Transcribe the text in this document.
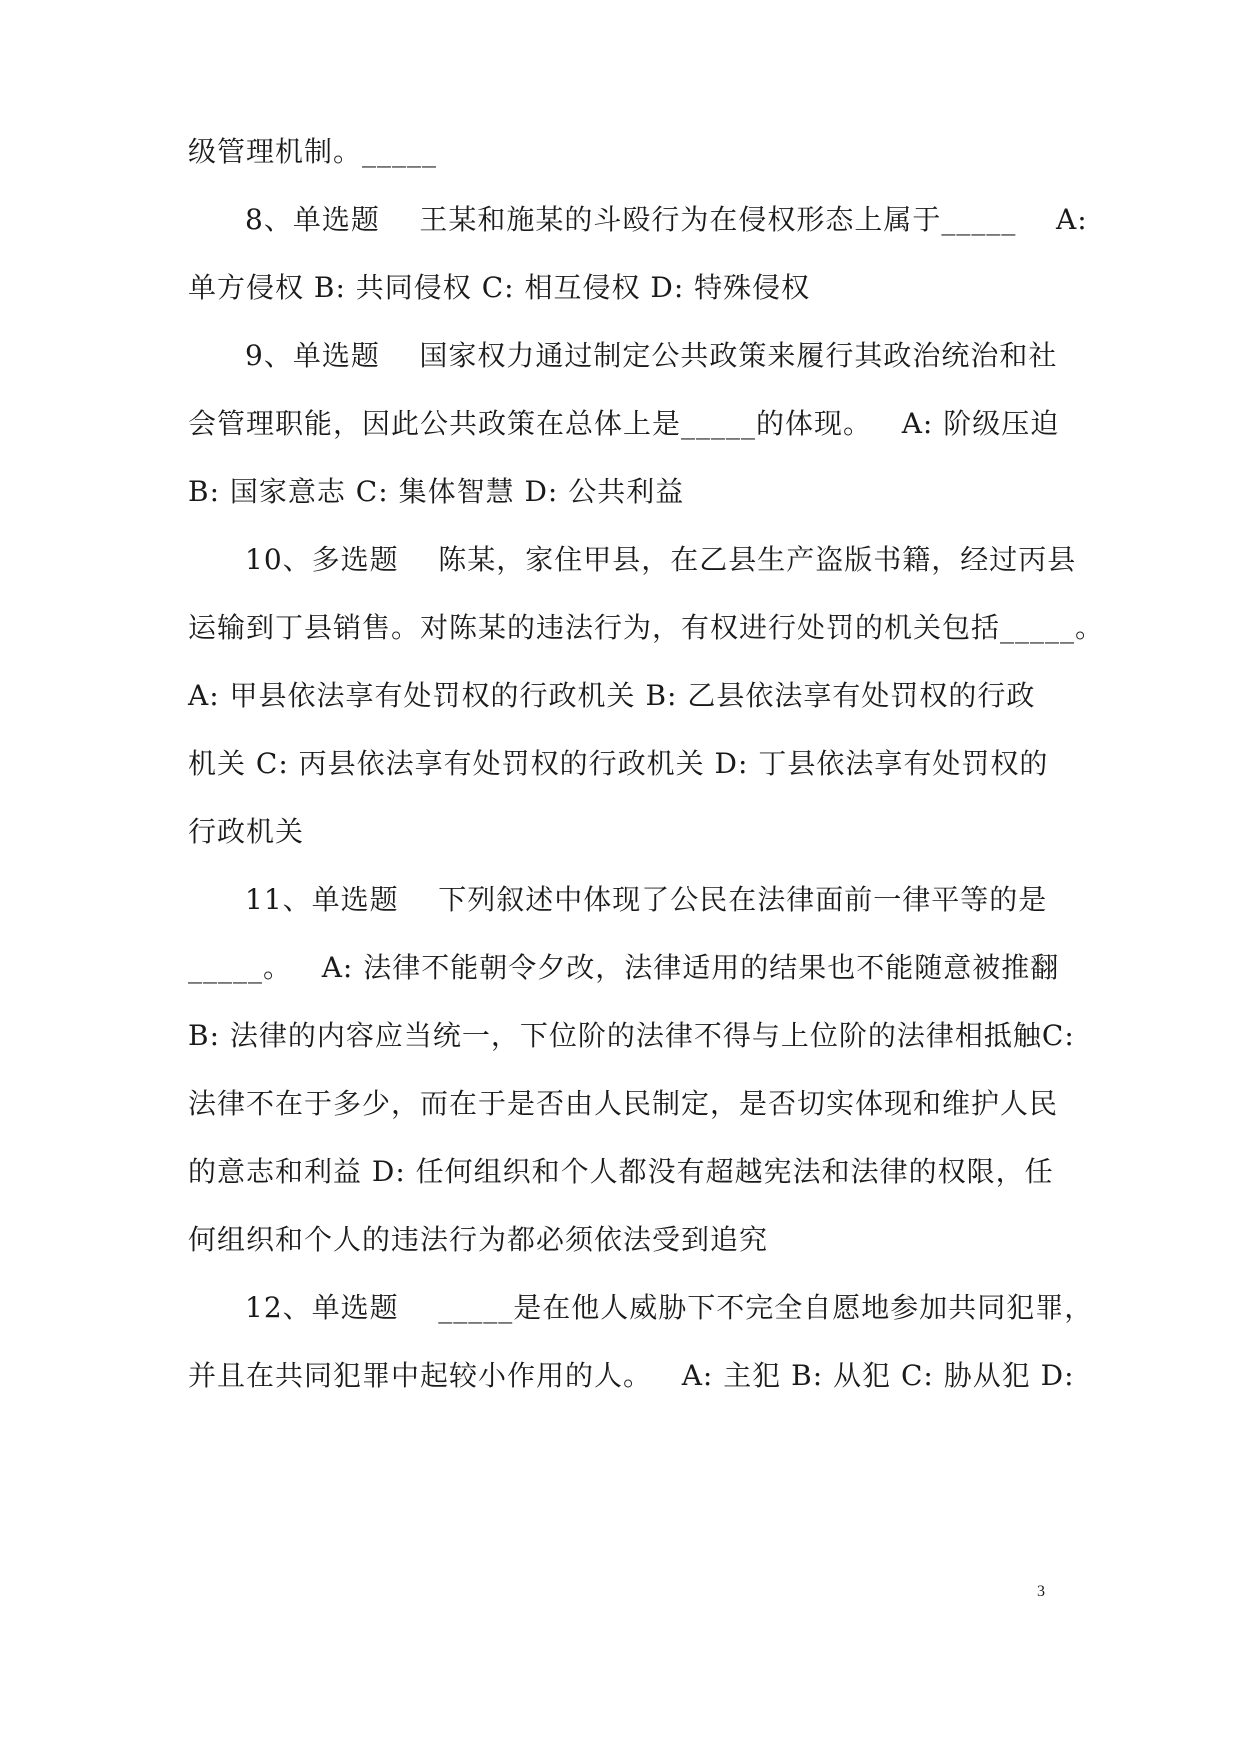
级管理机制。_____
8、单选题    王某和施某的斗殴行为在侵权形态上属于_____    A:
单方侵权 B: 共同侵权 C: 相互侵权 D: 特殊侵权
9、单选题    国家权力通过制定公共政策来履行其政治统治和社
会管理职能，因此公共政策在总体上是_____的体现。   A: 阶级压迫
B: 国家意志 C: 集体智慧 D: 公共利益
10、多选题    陈某，家住甲县，在乙县生产盗版书籍，经过丙县
运输到丁县销售。对陈某的违法行为，有权进行处罚的机关包括_____。
A: 甲县依法享有处罚权的行政机关 B: 乙县依法享有处罚权的行政
机关 C: 丙县依法享有处罚权的行政机关 D: 丁县依法享有处罚权的
行政机关
11、单选题    下列叙述中体现了公民在法律面前一律平等的是
_____。   A: 法律不能朝令夕改，法律适用的结果也不能随意被推翻
B: 法律的内容应当统一，下位阶的法律不得与上位阶的法律相抵触C:
法律不在于多少，而在于是否由人民制定，是否切实体现和维护人民
的意志和利益 D: 任何组织和个人都没有超越宪法和法律的权限，任
何组织和个人的违法行为都必须依法受到追究
12、单选题    _____是在他人威胁下不完全自愿地参加共同犯罪，
并且在共同犯罪中起较小作用的人。   A: 主犯 B: 从犯 C: 胁从犯 D:
3
